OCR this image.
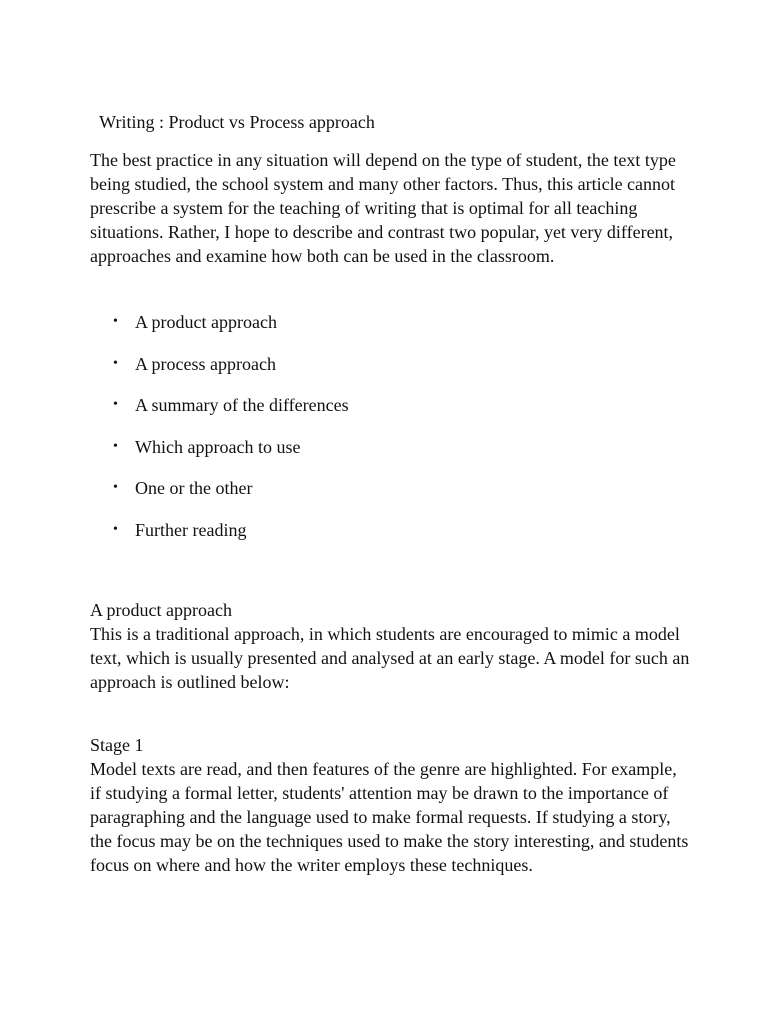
Writing : Product vs Process approach

The best practice in any situation will depend on the type of student, the text type being studied, the school system and many other factors. Thus, this article cannot prescribe a system for the teaching of writing that is optimal for all teaching situations. Rather, I hope to describe and contrast two popular, yet very different, approaches and examine how both can be used in the classroom.

• A product approach
• A process approach
• A summary of the differences
• Which approach to use
• One or the other
• Further reading

A product approach

This is a traditional approach, in which students are encouraged to mimic a model text, which is usually presented and analysed at an early stage. A model for such an approach is outlined below:

Stage 1

Model texts are read, and then features of the genre are highlighted. For example, if studying a formal letter, students' attention may be drawn to the importance of paragraphing and the language used to make formal requests. If studying a story, the focus may be on the techniques used to make the story interesting, and students focus on where and how the writer employs these techniques.
